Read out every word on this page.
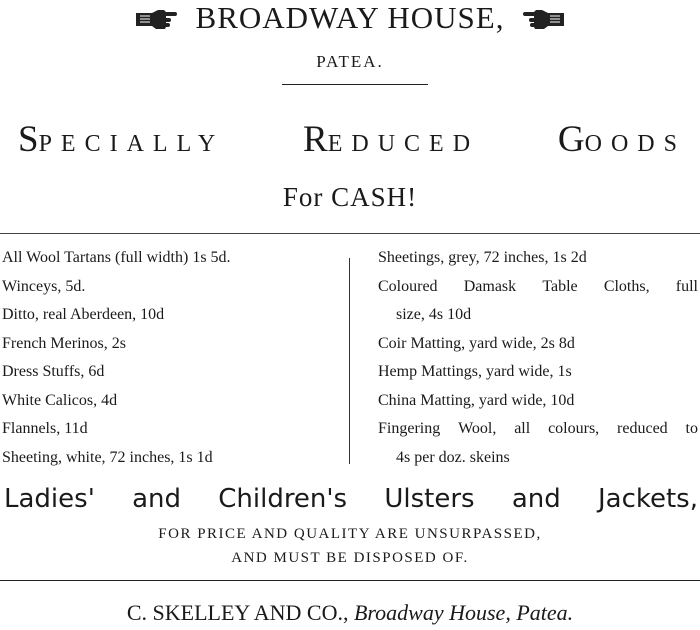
BROADWAY HOUSE,
PATEA.
SPECIALLY REDUCED GOODS
For CASH!
All Wool Tartans (full width) 1s 5d.
Winceys, 5d.
Ditto, real Aberdeen, 10d
French Merinos, 2s
Dress Stuffs, 6d
White Calicos, 4d
Flannels, 11d
Sheeting, white, 72 inches, 1s 1d
Sheetings, grey, 72 inches, 1s 2d
Coloured Damask Table Cloths, full
size, 4s 10d
Coir Matting, yard wide, 2s 8d
Hemp Mattings, yard wide, 1s
China Matting, yard wide, 10d
Fingering Wool, all colours, reduced to
4s per doz. skeins
Ladies' and Children's Ulsters and Jackets,
FOR PRICE AND QUALITY ARE UNSURPASSED,
AND MUST BE DISPOSED OF.
C. SKELLEY AND CO., Broadway House, Patea.
